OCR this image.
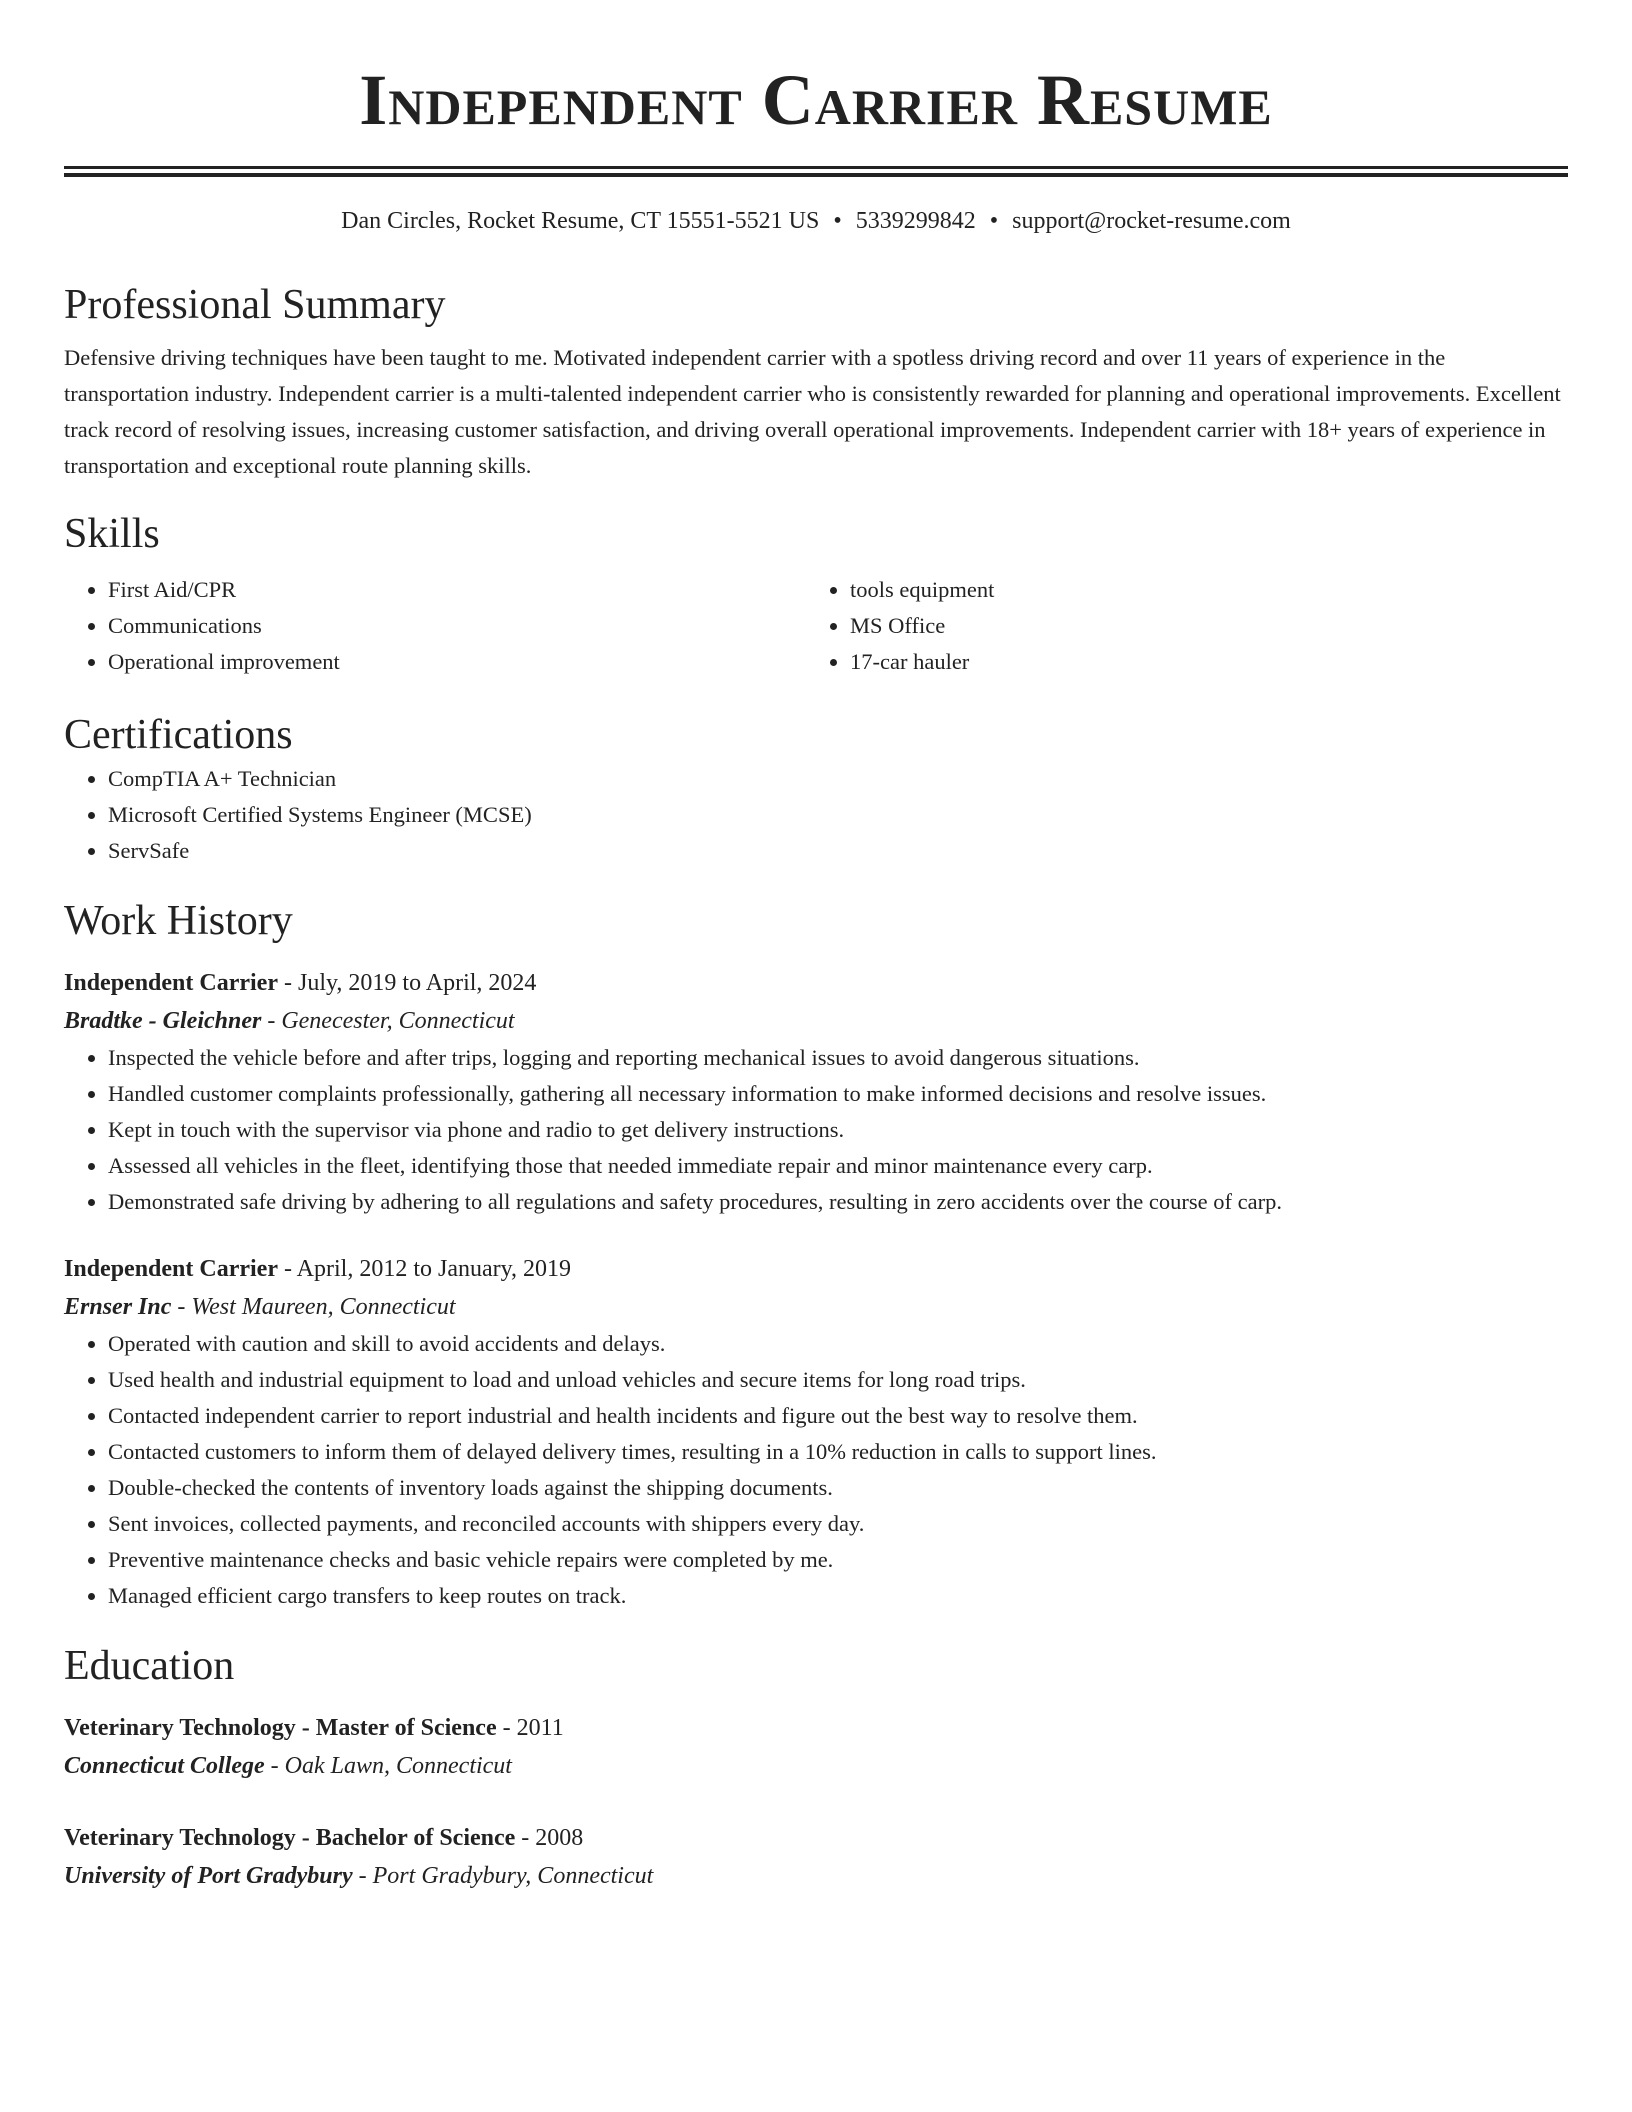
Independent Carrier Resume
Dan Circles, Rocket Resume, CT 15551-5521 US • 5339299842 • support@rocket-resume.com
Professional Summary
Defensive driving techniques have been taught to me. Motivated independent carrier with a spotless driving record and over 11 years of experience in the transportation industry. Independent carrier is a multi-talented independent carrier who is consistently rewarded for planning and operational improvements. Excellent track record of resolving issues, increasing customer satisfaction, and driving overall operational improvements. Independent carrier with 18+ years of experience in transportation and exceptional route planning skills.
Skills
• First Aid/CPR
• Communications
• Operational improvement
• tools equipment
• MS Office
• 17-car hauler
Certifications
• CompTIA A+ Technician
• Microsoft Certified Systems Engineer (MCSE)
• ServSafe
Work History
Independent Carrier - July, 2019 to April, 2024
Bradtke - Gleichner - Genecester, Connecticut
• Inspected the vehicle before and after trips, logging and reporting mechanical issues to avoid dangerous situations.
• Handled customer complaints professionally, gathering all necessary information to make informed decisions and resolve issues.
• Kept in touch with the supervisor via phone and radio to get delivery instructions.
• Assessed all vehicles in the fleet, identifying those that needed immediate repair and minor maintenance every carp.
• Demonstrated safe driving by adhering to all regulations and safety procedures, resulting in zero accidents over the course of carp.
Independent Carrier - April, 2012 to January, 2019
Ernser Inc - West Maureen, Connecticut
• Operated with caution and skill to avoid accidents and delays.
• Used health and industrial equipment to load and unload vehicles and secure items for long road trips.
• Contacted independent carrier to report industrial and health incidents and figure out the best way to resolve them.
• Contacted customers to inform them of delayed delivery times, resulting in a 10% reduction in calls to support lines.
• Double-checked the contents of inventory loads against the shipping documents.
• Sent invoices, collected payments, and reconciled accounts with shippers every day.
• Preventive maintenance checks and basic vehicle repairs were completed by me.
• Managed efficient cargo transfers to keep routes on track.
Education
Veterinary Technology - Master of Science - 2011
Connecticut College - Oak Lawn, Connecticut
Veterinary Technology - Bachelor of Science - 2008
University of Port Gradybury - Port Gradybury, Connecticut
